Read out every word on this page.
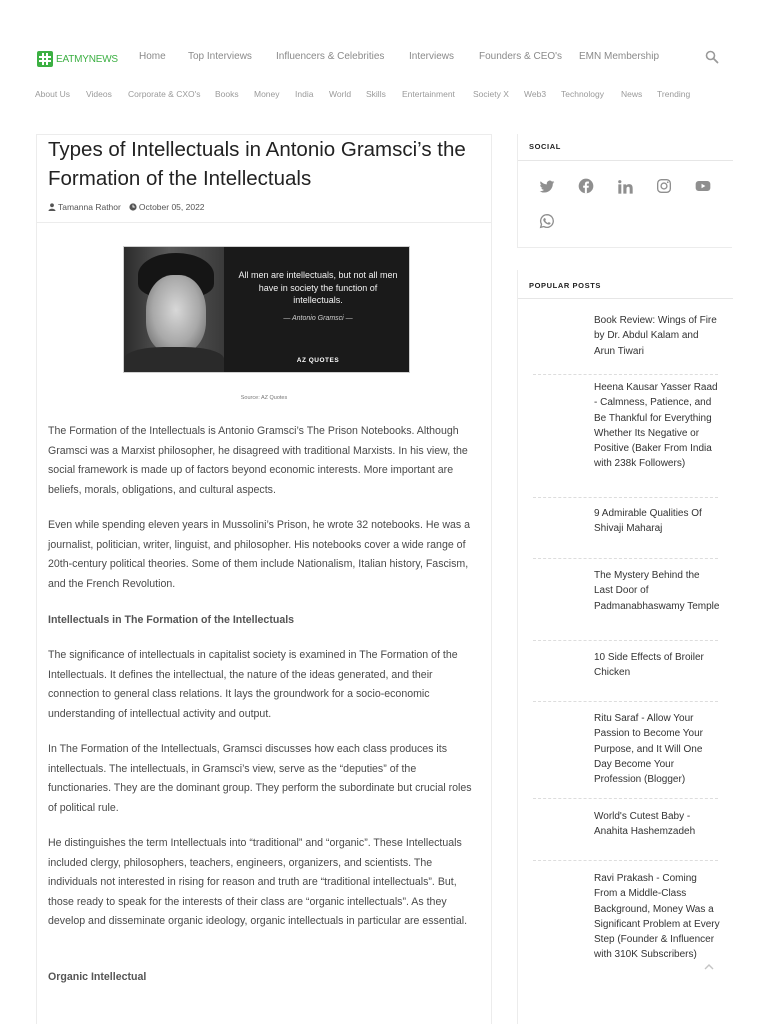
EATMYNEWS Home Top Interviews Influencers & Celebrities Interviews Founders & CEO's EMN Membership
About Us Videos Corporate & CXO's Books Money India World Skills Entertainment Society X Web3 Technology News Trending
Types of Intellectuals in Antonio Gramsci’s the Formation of the Intellectuals
Tamanna Rathor October 05, 2022
All men are intellectuals, but not all men have in society the function of intellectuals.
— Antonio Gramsci —
AZ QUOTES
Source: AZ Quotes

The Formation of the Intellectuals is Antonio Gramsci’s The Prison Notebooks. Although Gramsci was a Marxist philosopher, he disagreed with traditional Marxists. In his view, the social framework is made up of factors beyond economic interests. More important are beliefs, morals, obligations, and cultural aspects.

Even while spending eleven years in Mussolini’s Prison, he wrote 32 notebooks. He was a journalist, politician, writer, linguist, and philosopher. His notebooks cover a wide range of 20th-century political theories. Some of them include Nationalism, Italian history, Fascism, and the French Revolution.

Intellectuals in The Formation of the Intellectuals

The significance of intellectuals in capitalist society is examined in The Formation of the Intellectuals. It defines the intellectual, the nature of the ideas generated, and their connection to general class relations. It lays the groundwork for a socio-economic understanding of intellectual activity and output.

In The Formation of the Intellectuals, Gramsci discusses how each class produces its intellectuals. The intellectuals, in Gramsci’s view, serve as the “deputies” of the functionaries. They are the dominant group. They perform the subordinate but crucial roles of political rule.

He distinguishes the term Intellectuals into “traditional” and “organic”. These Intellectuals included clergy, philosophers, teachers, engineers, organizers, and scientists. The individuals not interested in rising for reason and truth are “traditional intellectuals”. But, those ready to speak for the interests of their class are “organic intellectuals”. As they develop and disseminate organic ideology, organic intellectuals in particular are essential.

Organic Intellectual
SOCIAL
POPULAR POSTS
Book Review: Wings of Fire by Dr. Abdul Kalam and Arun Tiwari
Heena Kausar Yasser Raad - Calmness, Patience, and Be Thankful for Everything Whether Its Negative or Positive (Baker From India with 238k Followers)
9 Admirable Qualities Of Shivaji Maharaj
The Mystery Behind the Last Door of Padmanabhaswamy Temple
10 Side Effects of Broiler Chicken
Ritu Saraf - Allow Your Passion to Become Your Purpose, and It Will One Day Become Your Profession (Blogger)
World's Cutest Baby - Anahita Hashemzadeh
Ravi Prakash - Coming From a Middle-Class Background, Money Was a Significant Problem at Every Step (Founder & Influencer with 310K Subscribers)
